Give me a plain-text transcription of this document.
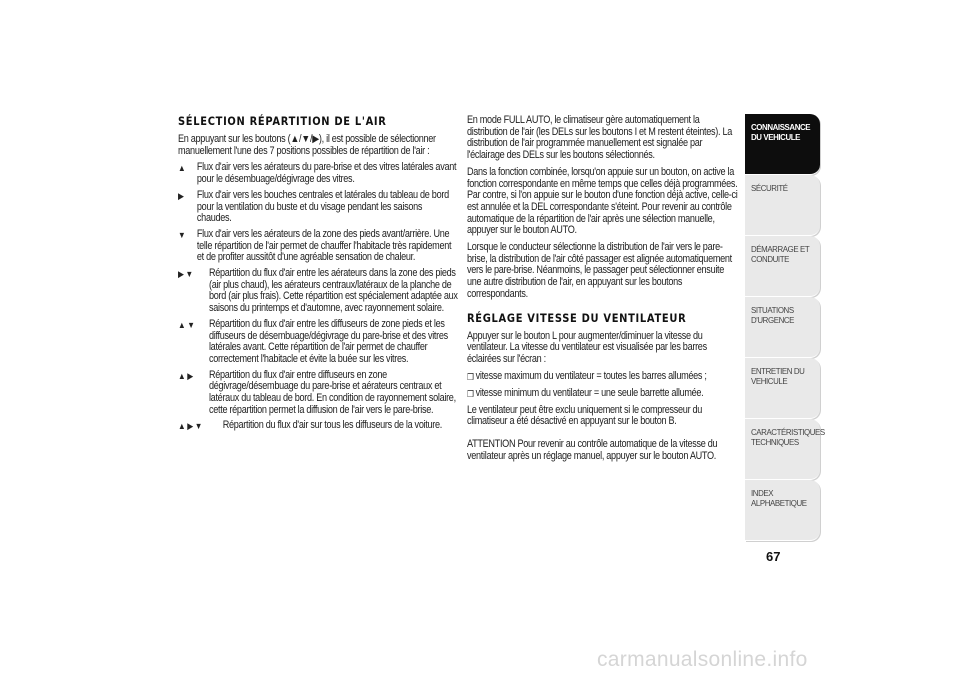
SÉLECTION RÉPARTITION DE L'AIR

En appuyant sur les boutons (▲/▼/▶), il est possible de sélectionner manuellement l'une des 7 positions possibles de répartition de l'air :

▲	Flux d'air vers les aérateurs du pare-brise et des vitres latérales avant pour le désembuage/dégivrage des vitres.
▶	Flux d'air vers les bouches centrales et latérales du tableau de bord pour la ventilation du buste et du visage pendant les saisons chaudes.
▼	Flux d'air vers les aérateurs de la zone des pieds avant/arrière. Une telle répartition de l'air permet de chauffer l'habitacle très rapidement et de profiter aussitôt d'une agréable sensation de chaleur.
▶ ▼	Répartition du flux d'air entre les aérateurs dans la zone des pieds (air plus chaud), les aérateurs centraux/latéraux de la planche de bord (air plus frais). Cette répartition est spécialement adaptée aux saisons du printemps et d'automne, avec rayonnement solaire.
▲ ▼	Répartition du flux d'air entre les diffuseurs de zone pieds et les diffuseurs de désembuage/dégivrage du pare-brise et des vitres latérales avant. Cette répartition de l'air permet de chauffer correctement l'habitacle et évite la buée sur les vitres.
▲ ▶	Répartition du flux d'air entre diffuseurs en zone dégivrage/désembuage du pare-brise et aérateurs centraux et latéraux du tableau de bord. En condition de rayonnement solaire, cette répartition permet la diffusion de l'air vers le pare-brise.
▲ ▶ ▼	Répartition du flux d'air sur tous les diffuseurs de la voiture.

En mode FULL AUTO, le climatiseur gère automatiquement la distribution de l'air (les DELs sur les boutons I et M restent éteintes). La distribution de l'air programmée manuellement est signalée par l'éclairage des DELs sur les boutons sélectionnés.

Dans la fonction combinée, lorsqu'on appuie sur un bouton, on active la fonction correspondante en même temps que celles déjà programmées. Par contre, si l'on appuie sur le bouton d'une fonction déjà active, celle-ci est annulée et la DEL correspondante s'éteint. Pour revenir au contrôle automatique de la répartition de l'air après une sélection manuelle, appuyer sur le bouton AUTO.

Lorsque le conducteur sélectionne la distribution de l'air vers le pare-brise, la distribution de l'air côté passager est alignée automatiquement vers le pare-brise. Néanmoins, le passager peut sélectionner ensuite une autre distribution de l'air, en appuyant sur les boutons correspondants.

RÉGLAGE VITESSE DU VENTILATEUR

Appuyer sur le bouton L pour augmenter/diminuer la vitesse du ventilateur. La vitesse du ventilateur est visualisée par les barres éclairées sur l'écran :

❒ vitesse maximum du ventilateur = toutes les barres allumées ;
❒ vitesse minimum du ventilateur = une seule barrette allumée.

Le ventilateur peut être exclu uniquement si le compresseur du climatiseur a été désactivé en appuyant sur le bouton B.

ATTENTION Pour revenir au contrôle automatique de la vitesse du ventilateur après un réglage manuel, appuyer sur le bouton AUTO.

CONNAISSANCE
DU VEHICULE
SÉCURITÉ
DÉMARRAGE ET
CONDUITE
SITUATIONS
D'URGENCE
ENTRETIEN DU
VEHICULE
CARACTÉRISTIQUES
TECHNIQUES
INDEX
ALPHABETIQUE
67
carmanualsonline.info
